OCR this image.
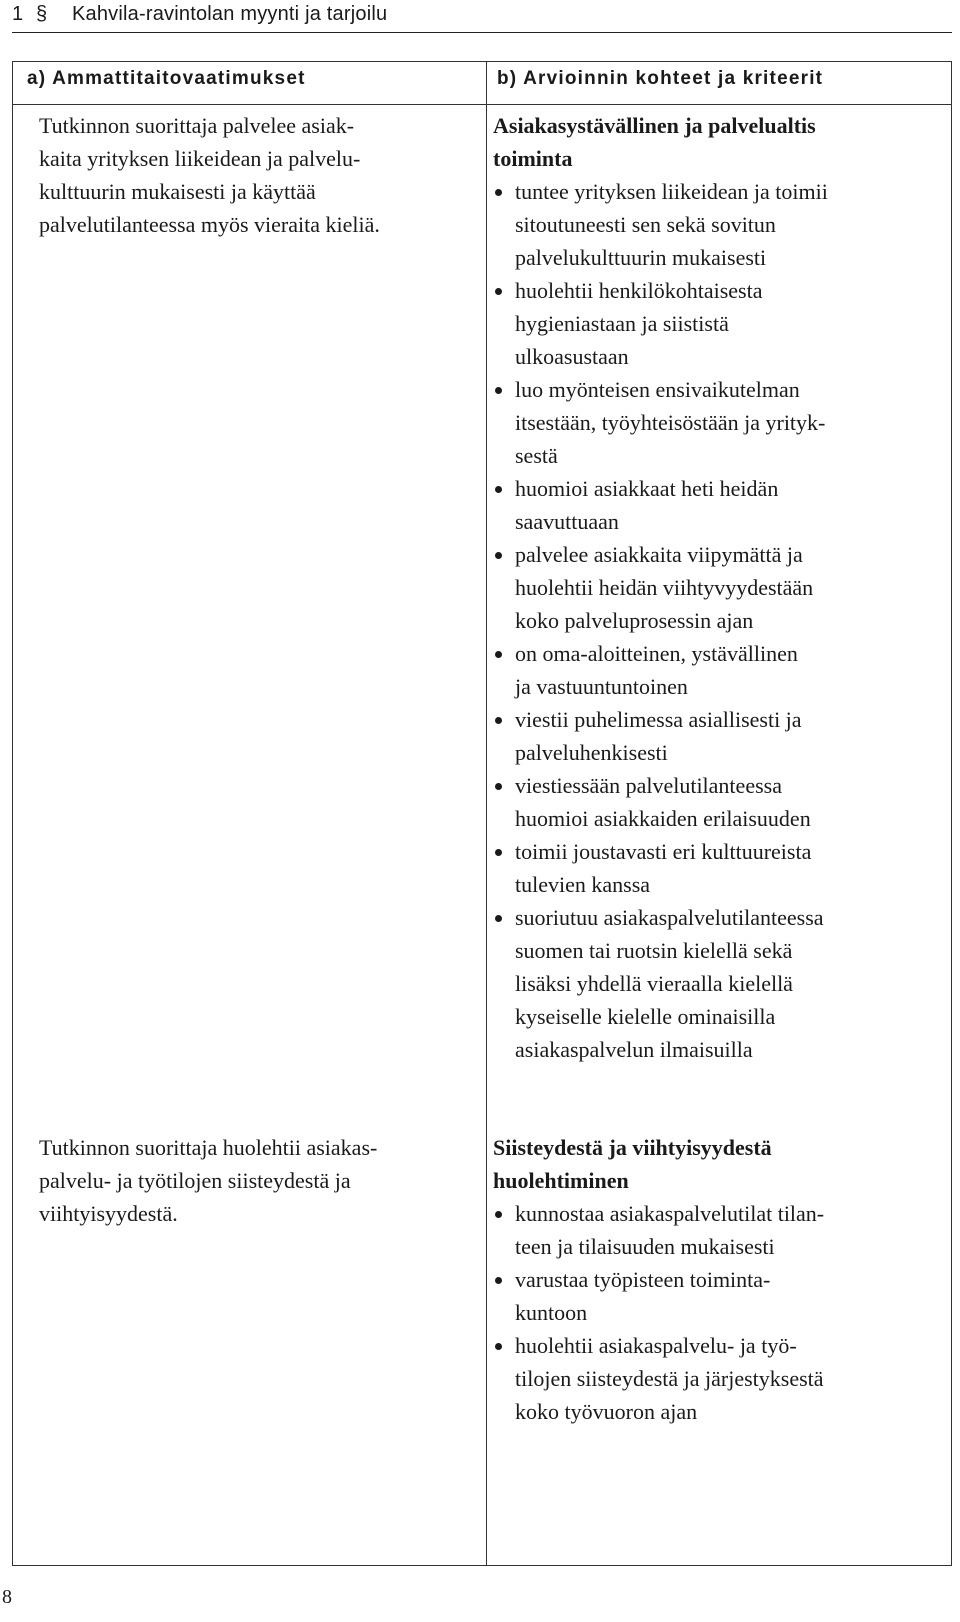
1 §	Kahvila-ravintolan myynti ja tarjoilu
a) Ammattitaitovaatimukset	b) Arvioinnin kohteet ja kriteerit
Tutkinnon suorittaja palvelee asiak-
kaita yrityksen liikeidean ja palvelu-
kulttuurin mukaisesti ja käyttää
palvelutilanteessa myös vieraita kieliä.
Asiakasystävällinen ja palvelualtis
toiminta
tuntee yrityksen liikeidean ja toimii
sitoutuneesti sen sekä sovitun
palvelukulttuurin mukaisesti
huolehtii henkilökohtaisesta
hygieniastaan ja siististä
ulkoasustaan
luo myönteisen ensivaikutelman
itsestään, työyhteisöstään ja yrityk-
sestä
huomioi asiakkaat heti heidän
saavuttuaan
palvelee asiakkaita viipymättä ja
huolehtii heidän viihtyvyydestään
koko palveluprosessin ajan
on oma-aloitteinen, ystävällinen
ja vastuuntuntoinen
viestii puhelimessa asiallisesti ja
palveluhenkisesti
viestiessään palvelutilanteessa
huomioi asiakkaiden erilaisuuden
toimii joustavasti eri kulttuureista
tulevien kanssa
suoriutuu asiakaspalvelutilanteessa
suomen tai ruotsin kielellä sekä
lisäksi yhdellä vieraalla kielellä
kyseiselle kielelle ominaisilla
asiakaspalvelun ilmaisuilla
Tutkinnon suorittaja huolehtii asiakas-
palvelu- ja työtilojen siisteydestä ja
viihtyisyydestä.
Siisteydestä ja viihtyisyydestä
huolehtiminen
kunnostaa asiakaspalvelutilat tilan-
teen ja tilaisuuden mukaisesti
varustaa työpisteen toiminta-
kuntoon
huolehtii asiakaspalvelu- ja työ-
tilojen siisteydestä ja järjestyksestä
koko työvuoron ajan
8
